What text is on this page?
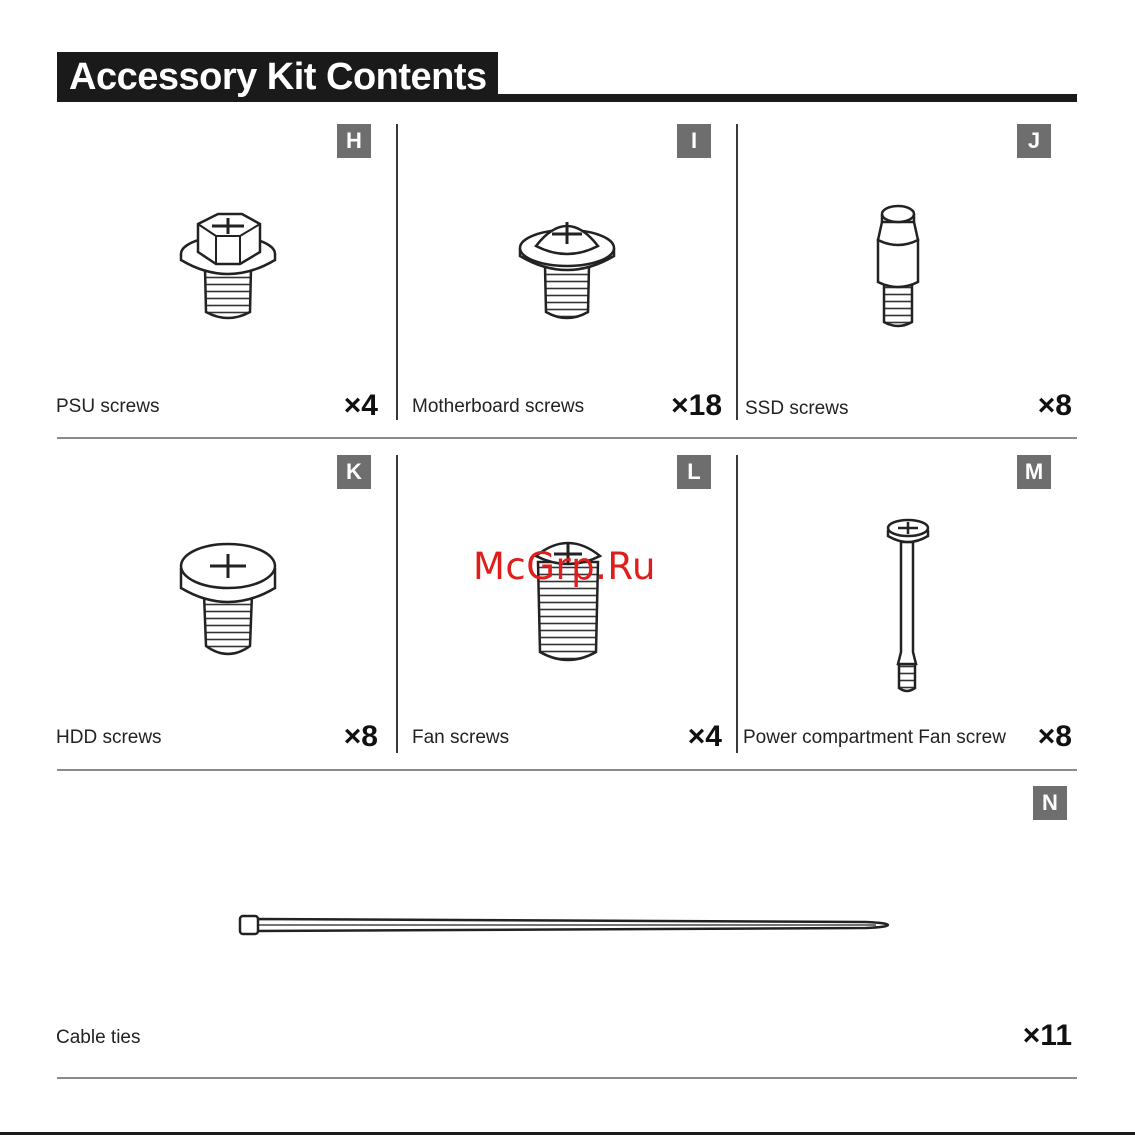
Accessory Kit Contents
H
PSU screws	×4
I
Motherboard screws	×18
J
SSD screws	×8
K
HDD screws	×8
L
Fan screws	×4
M
Power compartment Fan screw	×8
McGrp.Ru
N
Cable ties	×11
